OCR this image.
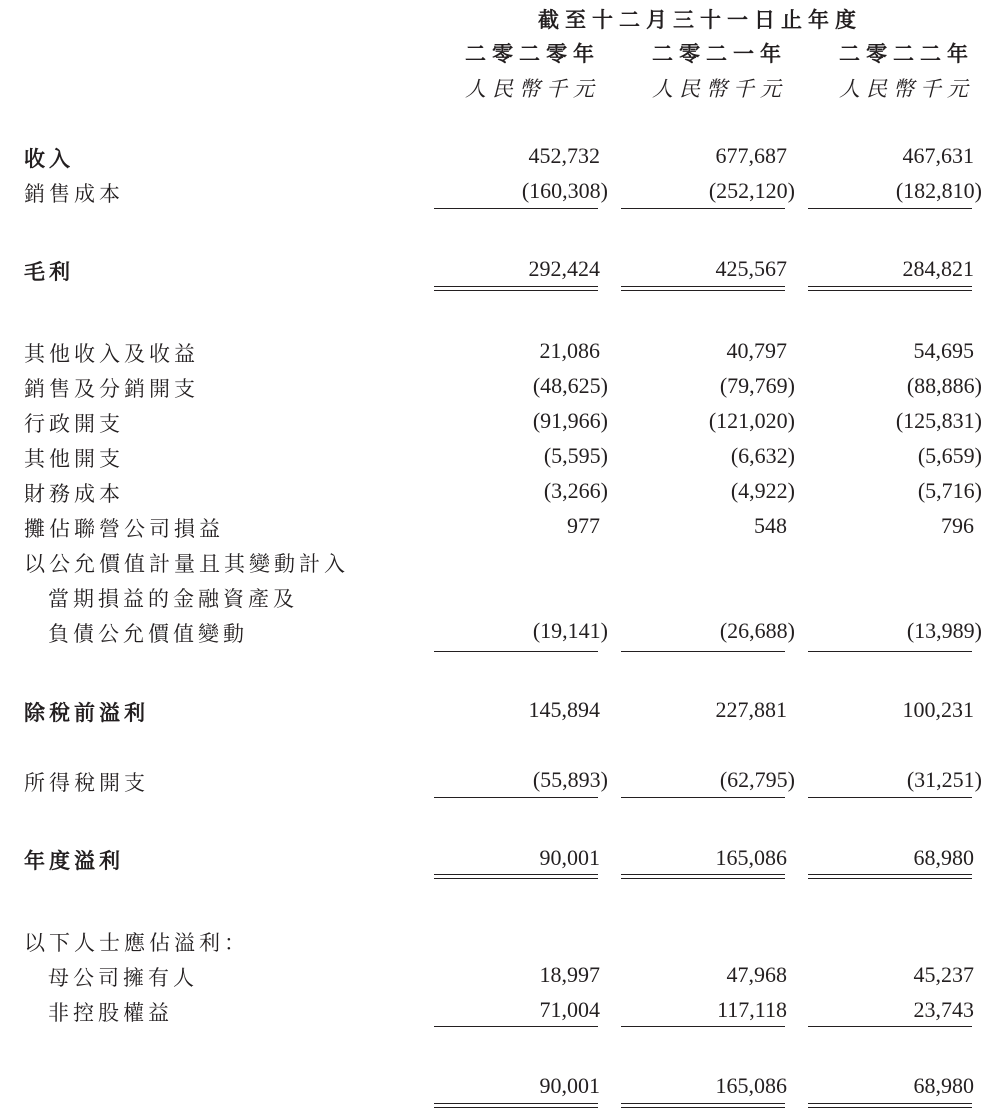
截至十二月三十一日止年度
二零二零年	二零二一年	二零二二年
人民幣千元	人民幣千元	人民幣千元
收入	452,732	677,687	467,631
銷售成本	(160,308)	(252,120)	(182,810)
毛利	292,424	425,567	284,821
其他收入及收益	21,086	40,797	54,695
銷售及分銷開支	(48,625)	(79,769)	(88,886)
行政開支	(91,966)	(121,020)	(125,831)
其他開支	(5,595)	(6,632)	(5,659)
財務成本	(3,266)	(4,922)	(5,716)
攤佔聯營公司損益	977	548	796
以公允價值計量且其變動計入
當期損益的金融資產及
負債公允價值變動	(19,141)	(26,688)	(13,989)
除稅前溢利	145,894	227,881	100,231
所得稅開支	(55,893)	(62,795)	(31,251)
年度溢利	90,001	165,086	68,980
以下人士應佔溢利：
母公司擁有人	18,997	47,968	45,237
非控股權益	71,004	117,118	23,743
90,001	165,086	68,980
